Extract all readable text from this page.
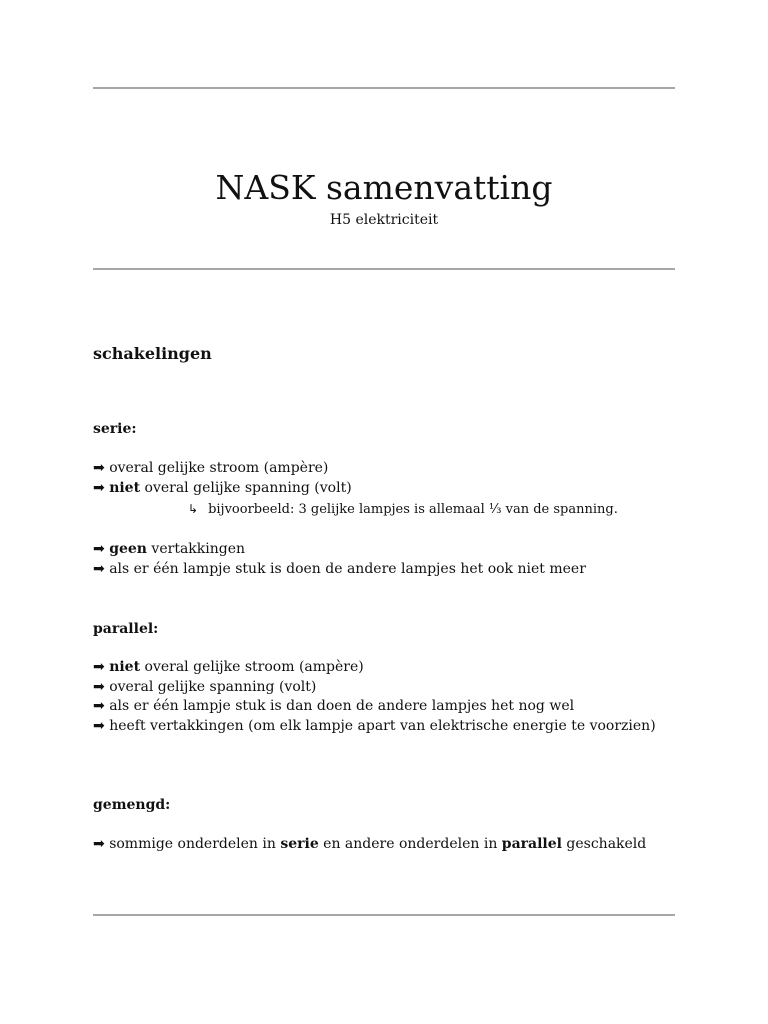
NASK samenvatting
H5 elektriciteit
schakelingen
serie:
➡ overal gelijke stroom (ampère)
➡ niet overal gelijke spanning (volt)
↳ bijvoorbeeld: 3 gelijke lampjes is allemaal ⅓ van de spanning.
➡ geen vertakkingen
➡ als er één lampje stuk is doen de andere lampjes het ook niet meer
parallel:
➡ niet overal gelijke stroom (ampère)
➡ overal gelijke spanning (volt)
➡ als er één lampje stuk is dan doen de andere lampjes het nog wel
➡ heeft vertakkingen (om elk lampje apart van elektrische energie te voorzien)
gemengd:
➡ sommige onderdelen in serie en andere onderdelen in parallel geschakeld
